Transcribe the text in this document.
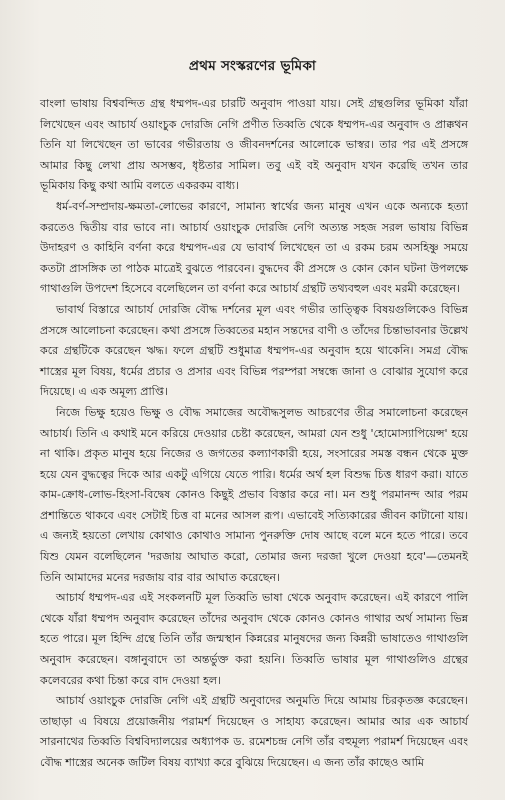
প্রথম সংস্করণের ভূমিকা

বাংলা ভাষায় বিশ্ববন্দিত গ্রন্থ ধম্মপদ-এর চারটি অনুবাদ পাওয়া যায়। সেই গ্রন্থগুলির ভূমিকা যাঁরা লিখেছেন এবং আচার্য ওয়াংচুক দোরজি নেগি প্রণীত তিব্বতি থেকে ধম্মপদ-এর অনুবাদ ও প্রাক্কথন তিনি যা লিখেছেন তা ভাবের গভীরতায় ও জীবনদর্শনের আলোকে ভাস্বর। তার পর এই প্রসঙ্গে আমার কিছু লেখা প্রায় অসম্ভব, ধৃষ্টতার সামিল। তবু এই বই অনুবাদ যখন করেছি তখন তার ভূমিকায় কিছু কথা আমি বলতে একরকম বাধ্য।

ধর্ম-বর্ণ-সম্প্রদায়-ক্ষমতা-লোভের কারণে, সামান্য স্বার্থের জন্য মানুষ এখন একে অন্যকে হত্যা করতেও দ্বিতীয় বার ভাবে না। আচার্য ওয়াংচুক দোরজি নেগি অত্যন্ত সহজ সরল ভাষায় বিভিন্ন উদাহরণ ও কাহিনি বর্ণনা করে ধম্মপদ-এর যে ভাবার্থ লিখেছেন তা এ রকম চরম অসহিষ্ণু সময়ে কতটা প্রাসঙ্গিক তা পাঠক মাত্রেই বুঝতে পারবেন। বুদ্ধদেব কী প্রসঙ্গে ও কোন কোন ঘটনা উপলক্ষে গাথাগুলি উপদেশ হিসেবে বলেছিলেন তা বর্ণনা করে আচার্য গ্রন্থটি তথ্যবহুল এবং মরমী করেছেন।

ভাবার্থ বিস্তারে আচার্য দোরজি বৌদ্ধ দর্শনের মূল এবং গভীর তাত্ত্বিক বিষয়গুলিকেও বিভিন্ন প্রসঙ্গে আলোচনা করেছেন। কথা প্রসঙ্গে তিব্বতের মহান সন্তদের বাণী ও তাঁদের চিন্তাভাবনার উল্লেখ করে গ্রন্থটিকে করেছেন ঋদ্ধ। ফলে গ্রন্থটি শুধুমাত্র ধম্মপদ-এর অনুবাদ হয়ে থাকেনি। সমগ্র বৌদ্ধ শাস্ত্রের মূল বিষয়, ধর্মের প্রচার ও প্রসার এবং বিভিন্ন পরম্পরা সম্বন্ধে জানা ও বোঝার সুযোগ করে দিয়েছে। এ এক অমূল্য প্রাপ্তি।

নিজে ভিক্ষু হয়েও ভিক্ষু ও বৌদ্ধ সমাজের অবৌদ্ধসুলভ আচরণের তীব্র সমালোচনা করেছেন আচার্য। তিনি এ কথাই মনে করিয়ে দেওয়ার চেষ্টা করেছেন, আমরা যেন শুধু 'হোমোস্যাপিয়েন্স' হয়ে না থাকি। প্রকৃত মানুষ হয়ে নিজের ও জগতের কল্যাণকারী হয়ে, সংসারের সমস্ত বন্ধন থেকে মুক্ত হয়ে যেন বুদ্ধত্বের দিকে আর একটু এগিয়ে যেতে পারি। ধর্মের অর্থ হল বিশুদ্ধ চিত্ত ধারণ করা। যাতে কাম-ক্রোধ-লোভ-হিংসা-বিদ্বেষ কোনও কিছুই প্রভাব বিস্তার করে না। মন শুধু পরমানন্দ আর পরম প্রশান্তিতে থাকবে এবং সেটাই চিত্ত বা মনের আসল রূপ। এভাবেই সত্যিকারের জীবন কাটানো যায়। এ জন্যই হয়তো লেখায় কোথাও কোথাও সামান্য পুনরুক্তি দোষ আছে বলে মনে হতে পারে। তবে যিশু যেমন বলেছিলেন 'দরজায় আঘাত করো, তোমার জন্য দরজা খুলে দেওয়া হবে'—তেমনই তিনি আমাদের মনের দরজায় বার বার আঘাত করেছেন।

আচার্য ধম্মপদ-এর এই সংকলনটি মূল তিব্বতি ভাষা থেকে অনুবাদ করেছেন। এই কারণে পালি থেকে যাঁরা ধম্মপদ অনুবাদ করেছেন তাঁদের অনুবাদ থেকে কোনও কোনও গাথার অর্থ সামান্য ভিন্ন হতে পারে। মূল হিন্দি গ্রন্থে তিনি তাঁর জন্মস্থান কিন্নরের মানুষদের জন্য কিন্নরী ভাষাতেও গাথাগুলি অনুবাদ করেছেন। বঙ্গানুবাদে তা অন্তর্ভুক্ত করা হয়নি। তিব্বতি ভাষার মূল গাথাগুলিও গ্রন্থের কলেবরের কথা চিন্তা করে বাদ দেওয়া হল।

আচার্য ওয়াংচুক দোরজি নেগি এই গ্রন্থটি অনুবাদের অনুমতি দিয়ে আমায় চিরকৃতজ্ঞ করেছেন। তাছাড়া এ বিষয়ে প্রয়োজনীয় পরামর্শ দিয়েছেন ও সাহায্য করেছেন। আমার আর এক আচার্য সারনাথের তিব্বতি বিশ্ববিদ্যালয়ের অধ্যাপক ড. রমেশচন্দ্র নেগি তাঁর বহুমূল্য পরামর্শ দিয়েছেন এবং বৌদ্ধ শাস্ত্রের অনেক জটিল বিষয় ব্যাখ্যা করে বুঝিয়ে দিয়েছেন। এ জন্য তাঁর কাছেও আমি
